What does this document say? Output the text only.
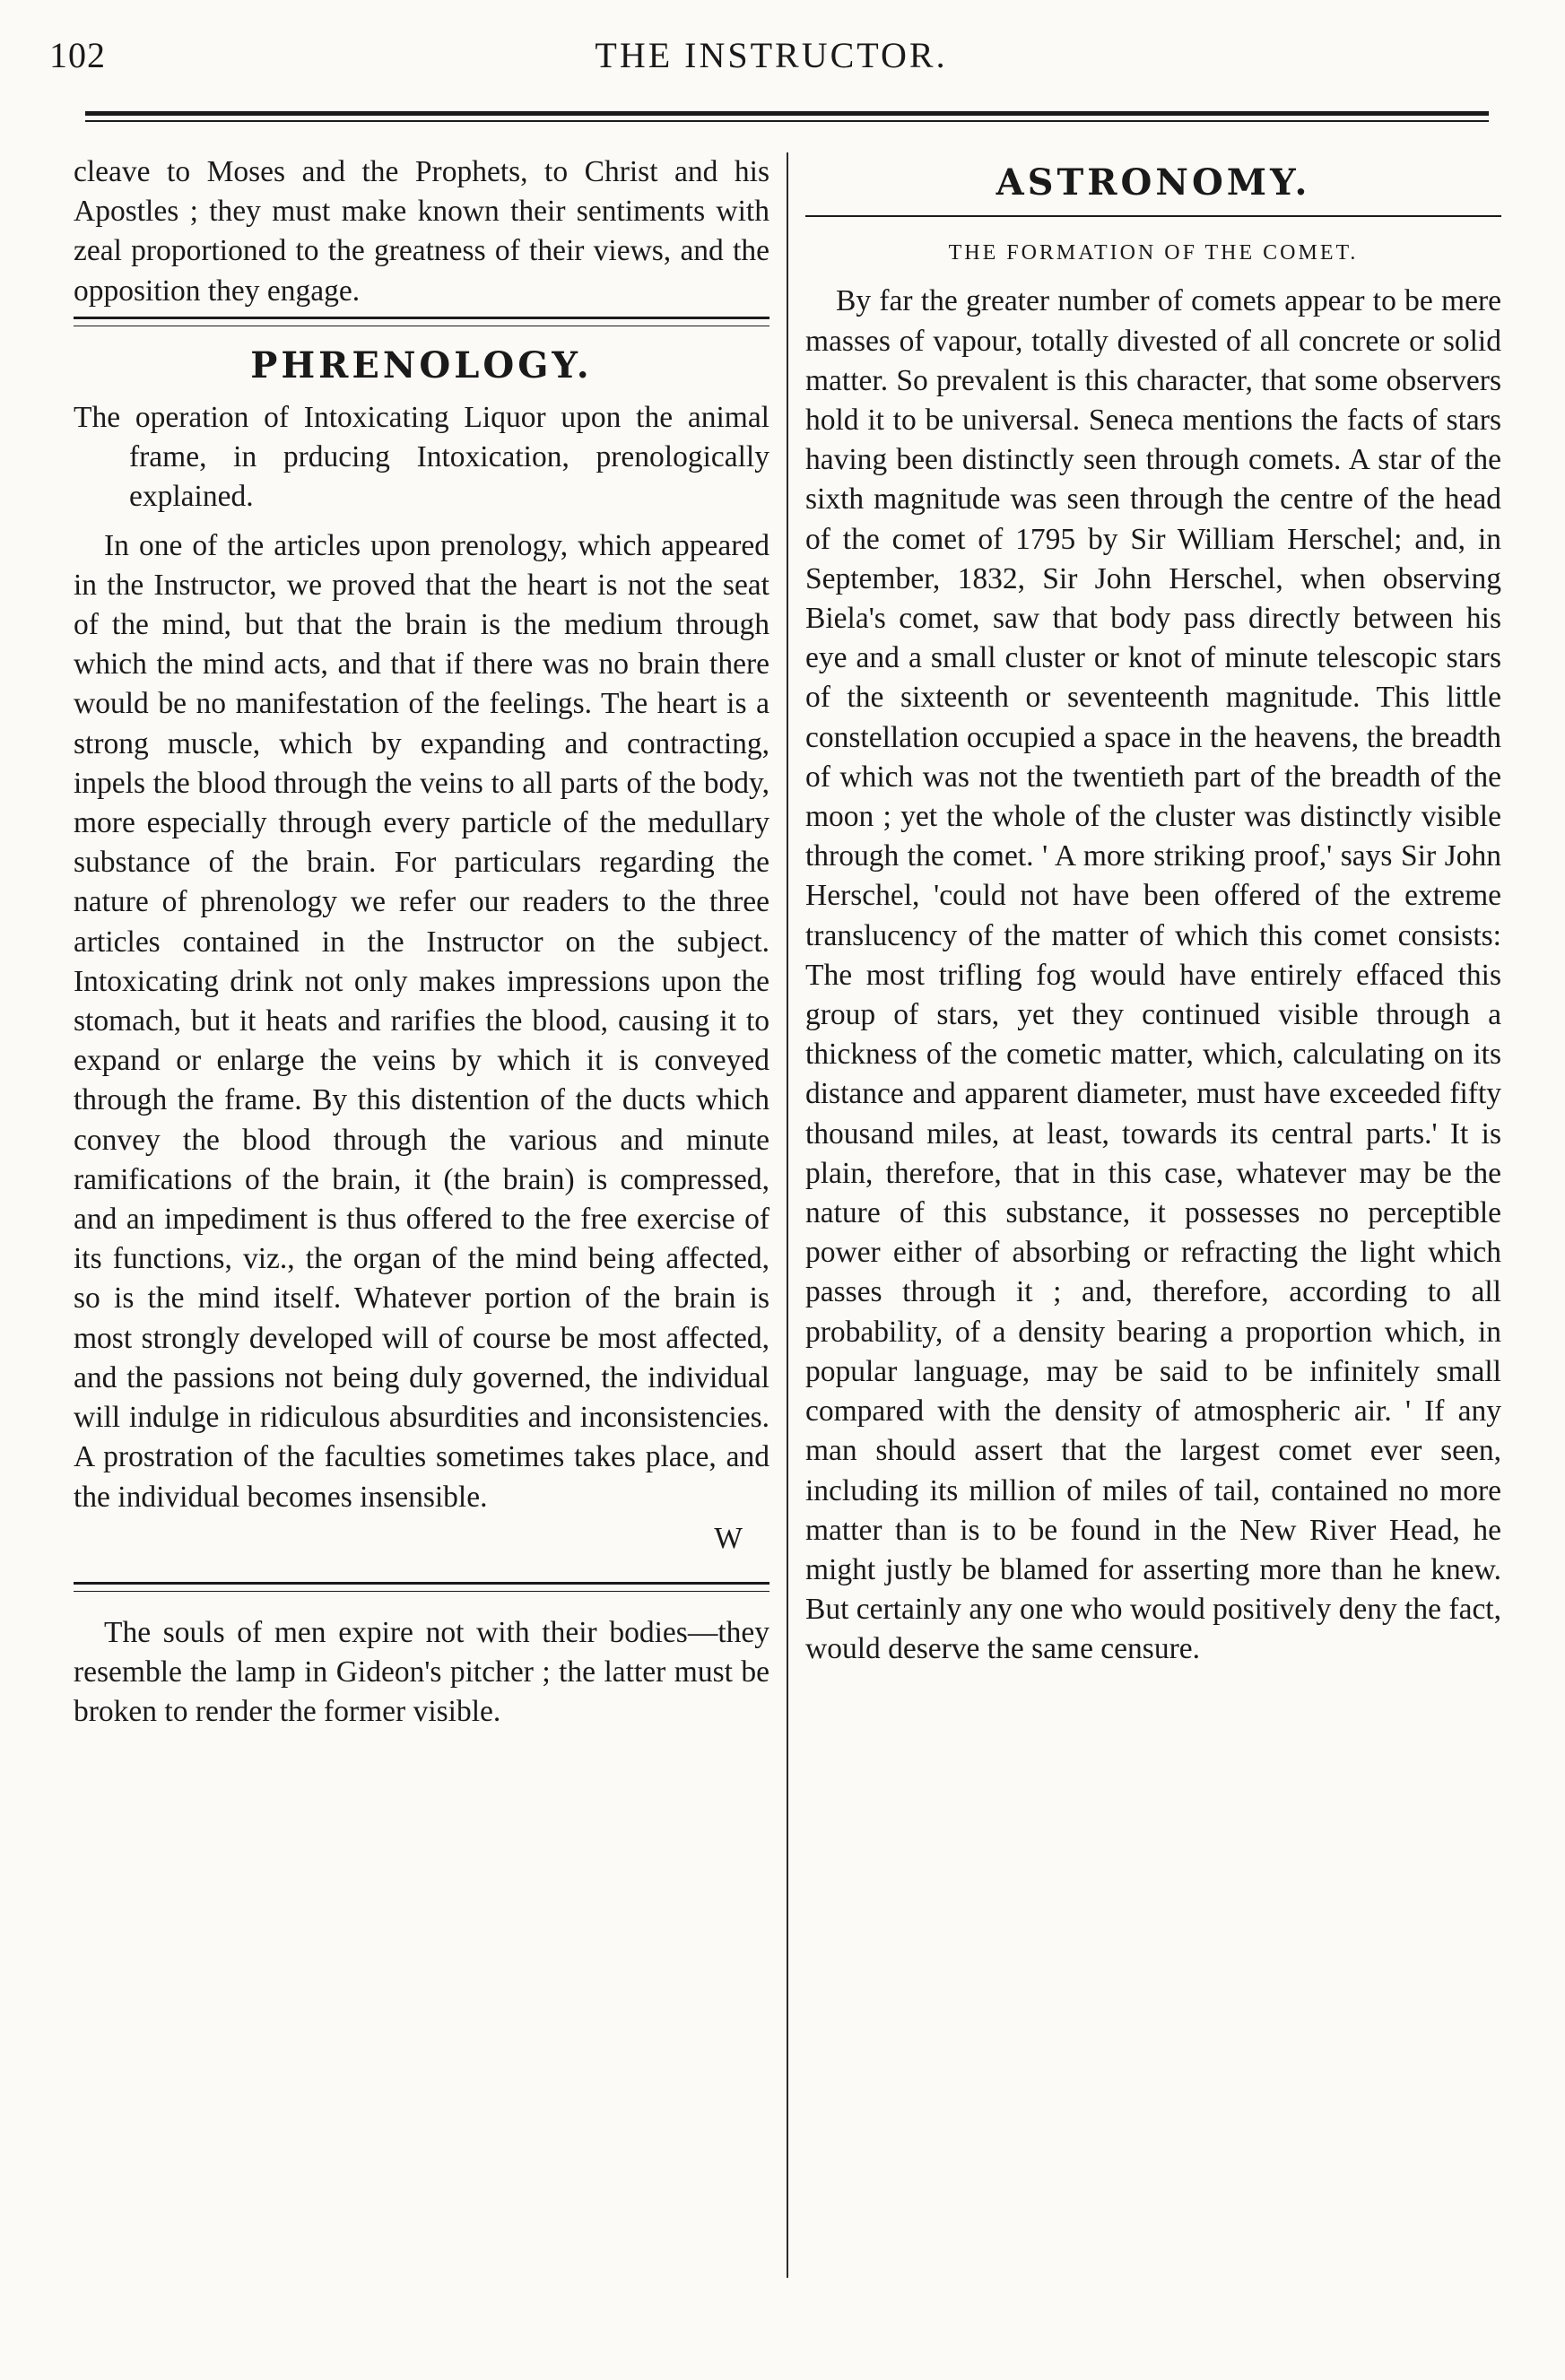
102	THE INSTRUCTOR.

cleave to Moses and the Prophets, to Christ and his Apostles ; they must make known their sentiments with zeal proportioned to the greatness of their views, and the opposition they engage.

PHRENOLOGY.

The operation of Intoxicating Liquor upon the animal frame, in prducing Intoxication, prenologically explained.

In one of the articles upon prenology, which appeared in the Instructor, we proved that the heart is not the seat of the mind, but that the brain is the medium through which the mind acts, and that if there was no brain there would be no manifestation of the feelings. The heart is a strong muscle, which by expanding and contracting, inpels the blood through the veins to all parts of the body, more especially through every particle of the medullary substance of the brain. For particulars regarding the nature of phrenology we refer our readers to the three articles contained in the Instructor on the subject. Intoxicating drink not only makes impressions upon the stomach, but it heats and rarifies the blood, causing it to expand or enlarge the veins by which it is conveyed through the frame. By this distention of the ducts which convey the blood through the various and minute ramifications of the brain, it (the brain) is compressed, and an impediment is thus offered to the free exercise of its functions, viz., the organ of the mind being affected, so is the mind itself. Whatever portion of the brain is most strongly developed will of course be most affected, and the passions not being duly governed, the individual will indulge in ridiculous absurdities and inconsistencies. A prostration of the faculties sometimes takes place, and the individual becomes insensible.

W

The souls of men expire not with their bodies—they resemble the lamp in Gideon's pitcher ; the latter must be broken to render the former visible.

ASTRONOMY.
THE FORMATION OF THE COMET.

By far the greater number of comets appear to be mere masses of vapour, totally divested of all concrete or solid matter. So prevalent is this character, that some observers hold it to be universal. Seneca mentions the facts of stars having been distinctly seen through comets. A star of the sixth magnitude was seen through the centre of the head of the comet of 1795 by Sir William Herschel; and, in September, 1832, Sir John Herschel, when observing Biela's comet, saw that body pass directly between his eye and a small cluster or knot of minute telescopic stars of the sixteenth or seventeenth magnitude. This little constellation occupied a space in the heavens, the breadth of which was not the twentieth part of the breadth of the moon ; yet the whole of the cluster was distinctly visible through the comet. ' A more striking proof,' says Sir John Herschel, 'could not have been offered of the extreme translucency of the matter of which this comet consists: The most trifling fog would have entirely effaced this group of stars, yet they continued visible through a thickness of the cometic matter, which, calculating on its distance and apparent diameter, must have exceeded fifty thousand miles, at least, towards its central parts.' It is plain, therefore, that in this case, whatever may be the nature of this substance, it possesses no perceptible power either of absorbing or refracting the light which passes through it ; and, therefore, according to all probability, of a density bearing a proportion which, in popular language, may be said to be infinitely small compared with the density of atmospheric air. ' If any man should assert that the largest comet ever seen, including its million of miles of tail, contained no more matter than is to be found in the New River Head, he might justly be blamed for asserting more than he knew. But certainly any one who would positively deny the fact, would deserve the same censure.
